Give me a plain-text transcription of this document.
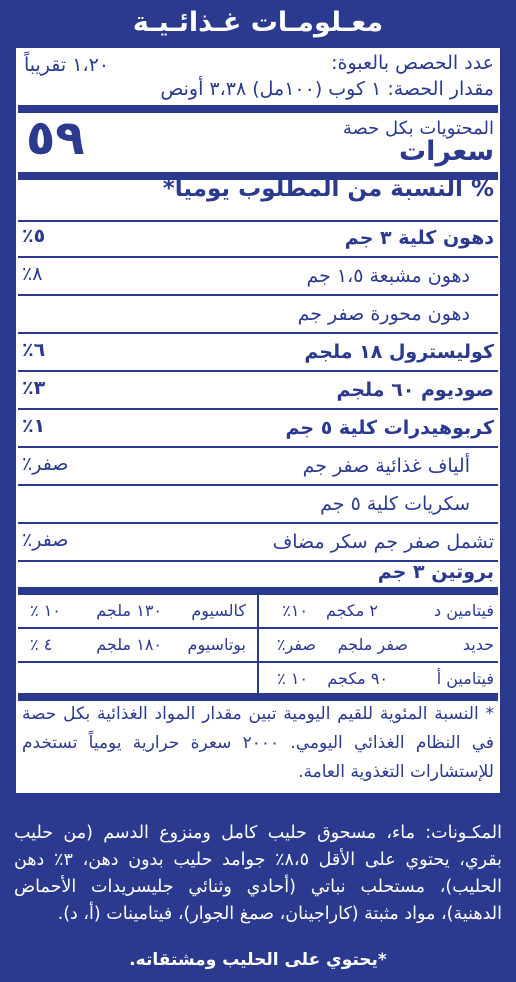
معـلومـات غـذائـيـة
عدد الحصص بالعبوة:
١،٢٠ تقريباً
مقدار الحصة: ١ كوب (١٠٠مل) ٣،٣٨ أونص
المحتويات بكل حصة
سعرات
٥٩
% النسبة من المطلوب يومياً*
دهون كلية ٣ جم
٥٪
دهون مشبعة ١،٥ جم
٨٪
دهون محورة صفر جم
كوليسترول ١٨ ملجم
٦٪
صوديوم ٦٠ ملجم
٣٪
كربوهيدرات كلية ٥ جم
١٪
ألياف غذائية صفر جم
صفر٪
سكريات كلية ٥ جم
تشمل صفر جم سكر مضاف
صفر٪
بروتين ٣ جم
فيتامين د
٢ مكجم
١٠٪
كالسيوم
١٣٠ ملجم
١٠ ٪
حديد
صفر ملجم
صفر٪
بوتاسيوم
١٨٠ ملجم
٤ ٪
فيتامين أ
٩٠ مكجم
١٠ ٪
* النسبة المئوية للقيم اليومية تبين مقدار المواد الغذائية بكل حصة في النظام الغذائي اليومي. ٢٠٠٠ سعرة حرارية يومياً تستخدم للإستشارات التغذوية العامة.
المكـونات: ماء، مسحوق حليب كامل ومنزوع الدسم (من حليب بقري، يحتوي على الأقل ٨،٥٪ جوامد حليب بدون دهن، ٣٪ دهن الحليب)، مستحلب نباتي (أحادي وثنائي جليسريدات الأحماض الدهنية)، مواد مثبتة (كاراجينان، صمغ الجوار)، فيتامينات (أ، د).
*يحتوي على الحليب ومشتقاته.
